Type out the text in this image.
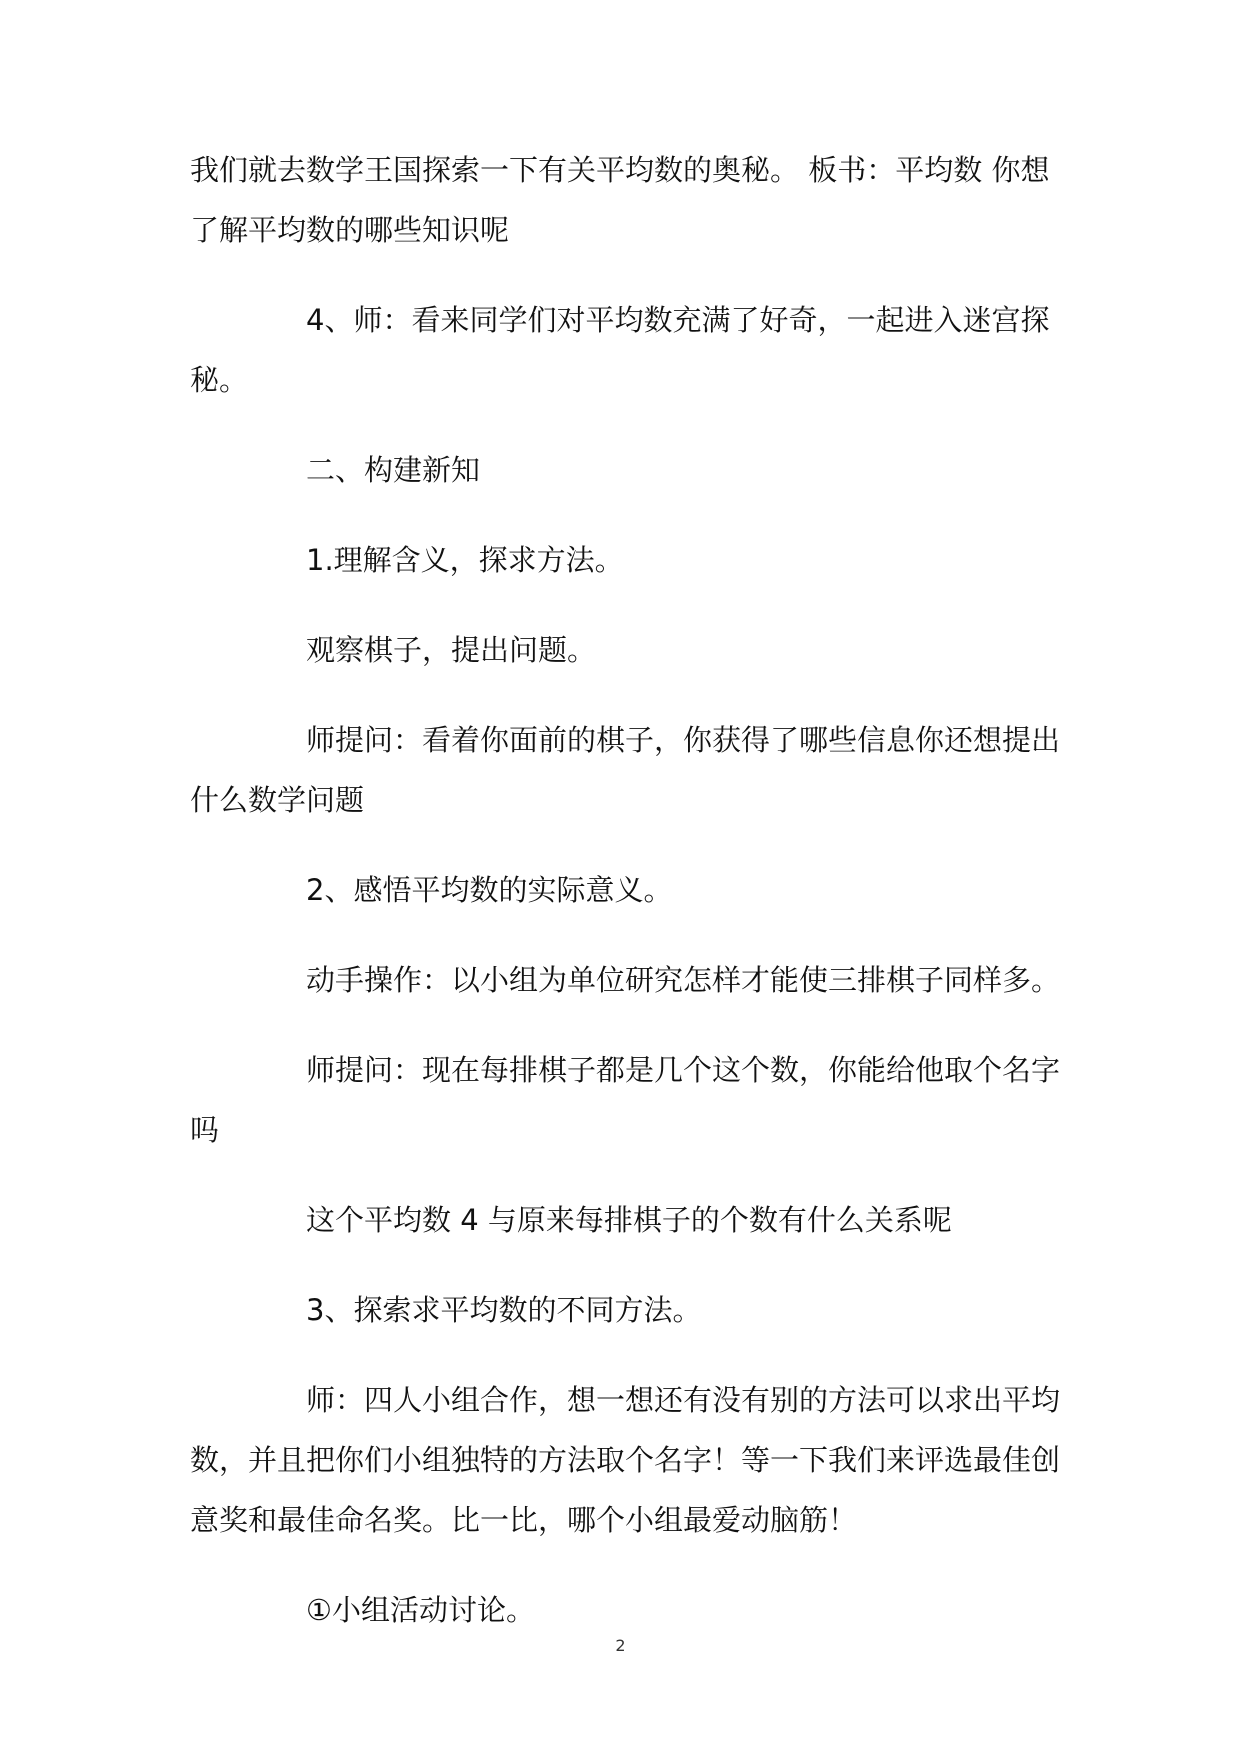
我们就去数学王国探索一下有关平均数的奥秘。 板书：平均数 你想了解平均数的哪些知识呢

4、师：看来同学们对平均数充满了好奇，一起进入迷宫探秘。

二、构建新知

1.理解含义，探求方法。

观察棋子，提出问题。

师提问：看着你面前的棋子，你获得了哪些信息你还想提出什么数学问题

2、感悟平均数的实际意义。

动手操作：以小组为单位研究怎样才能使三排棋子同样多。

师提问：现在每排棋子都是几个这个数，你能给他取个名字吗

这个平均数 4 与原来每排棋子的个数有什么关系呢

3、探索求平均数的不同方法。

师：四人小组合作，想一想还有没有别的方法可以求出平均数，并且把你们小组独特的方法取个名字！等一下我们来评选最佳创意奖和最佳命名奖。比一比，哪个小组最爱动脑筋！

①小组活动讨论。

2
